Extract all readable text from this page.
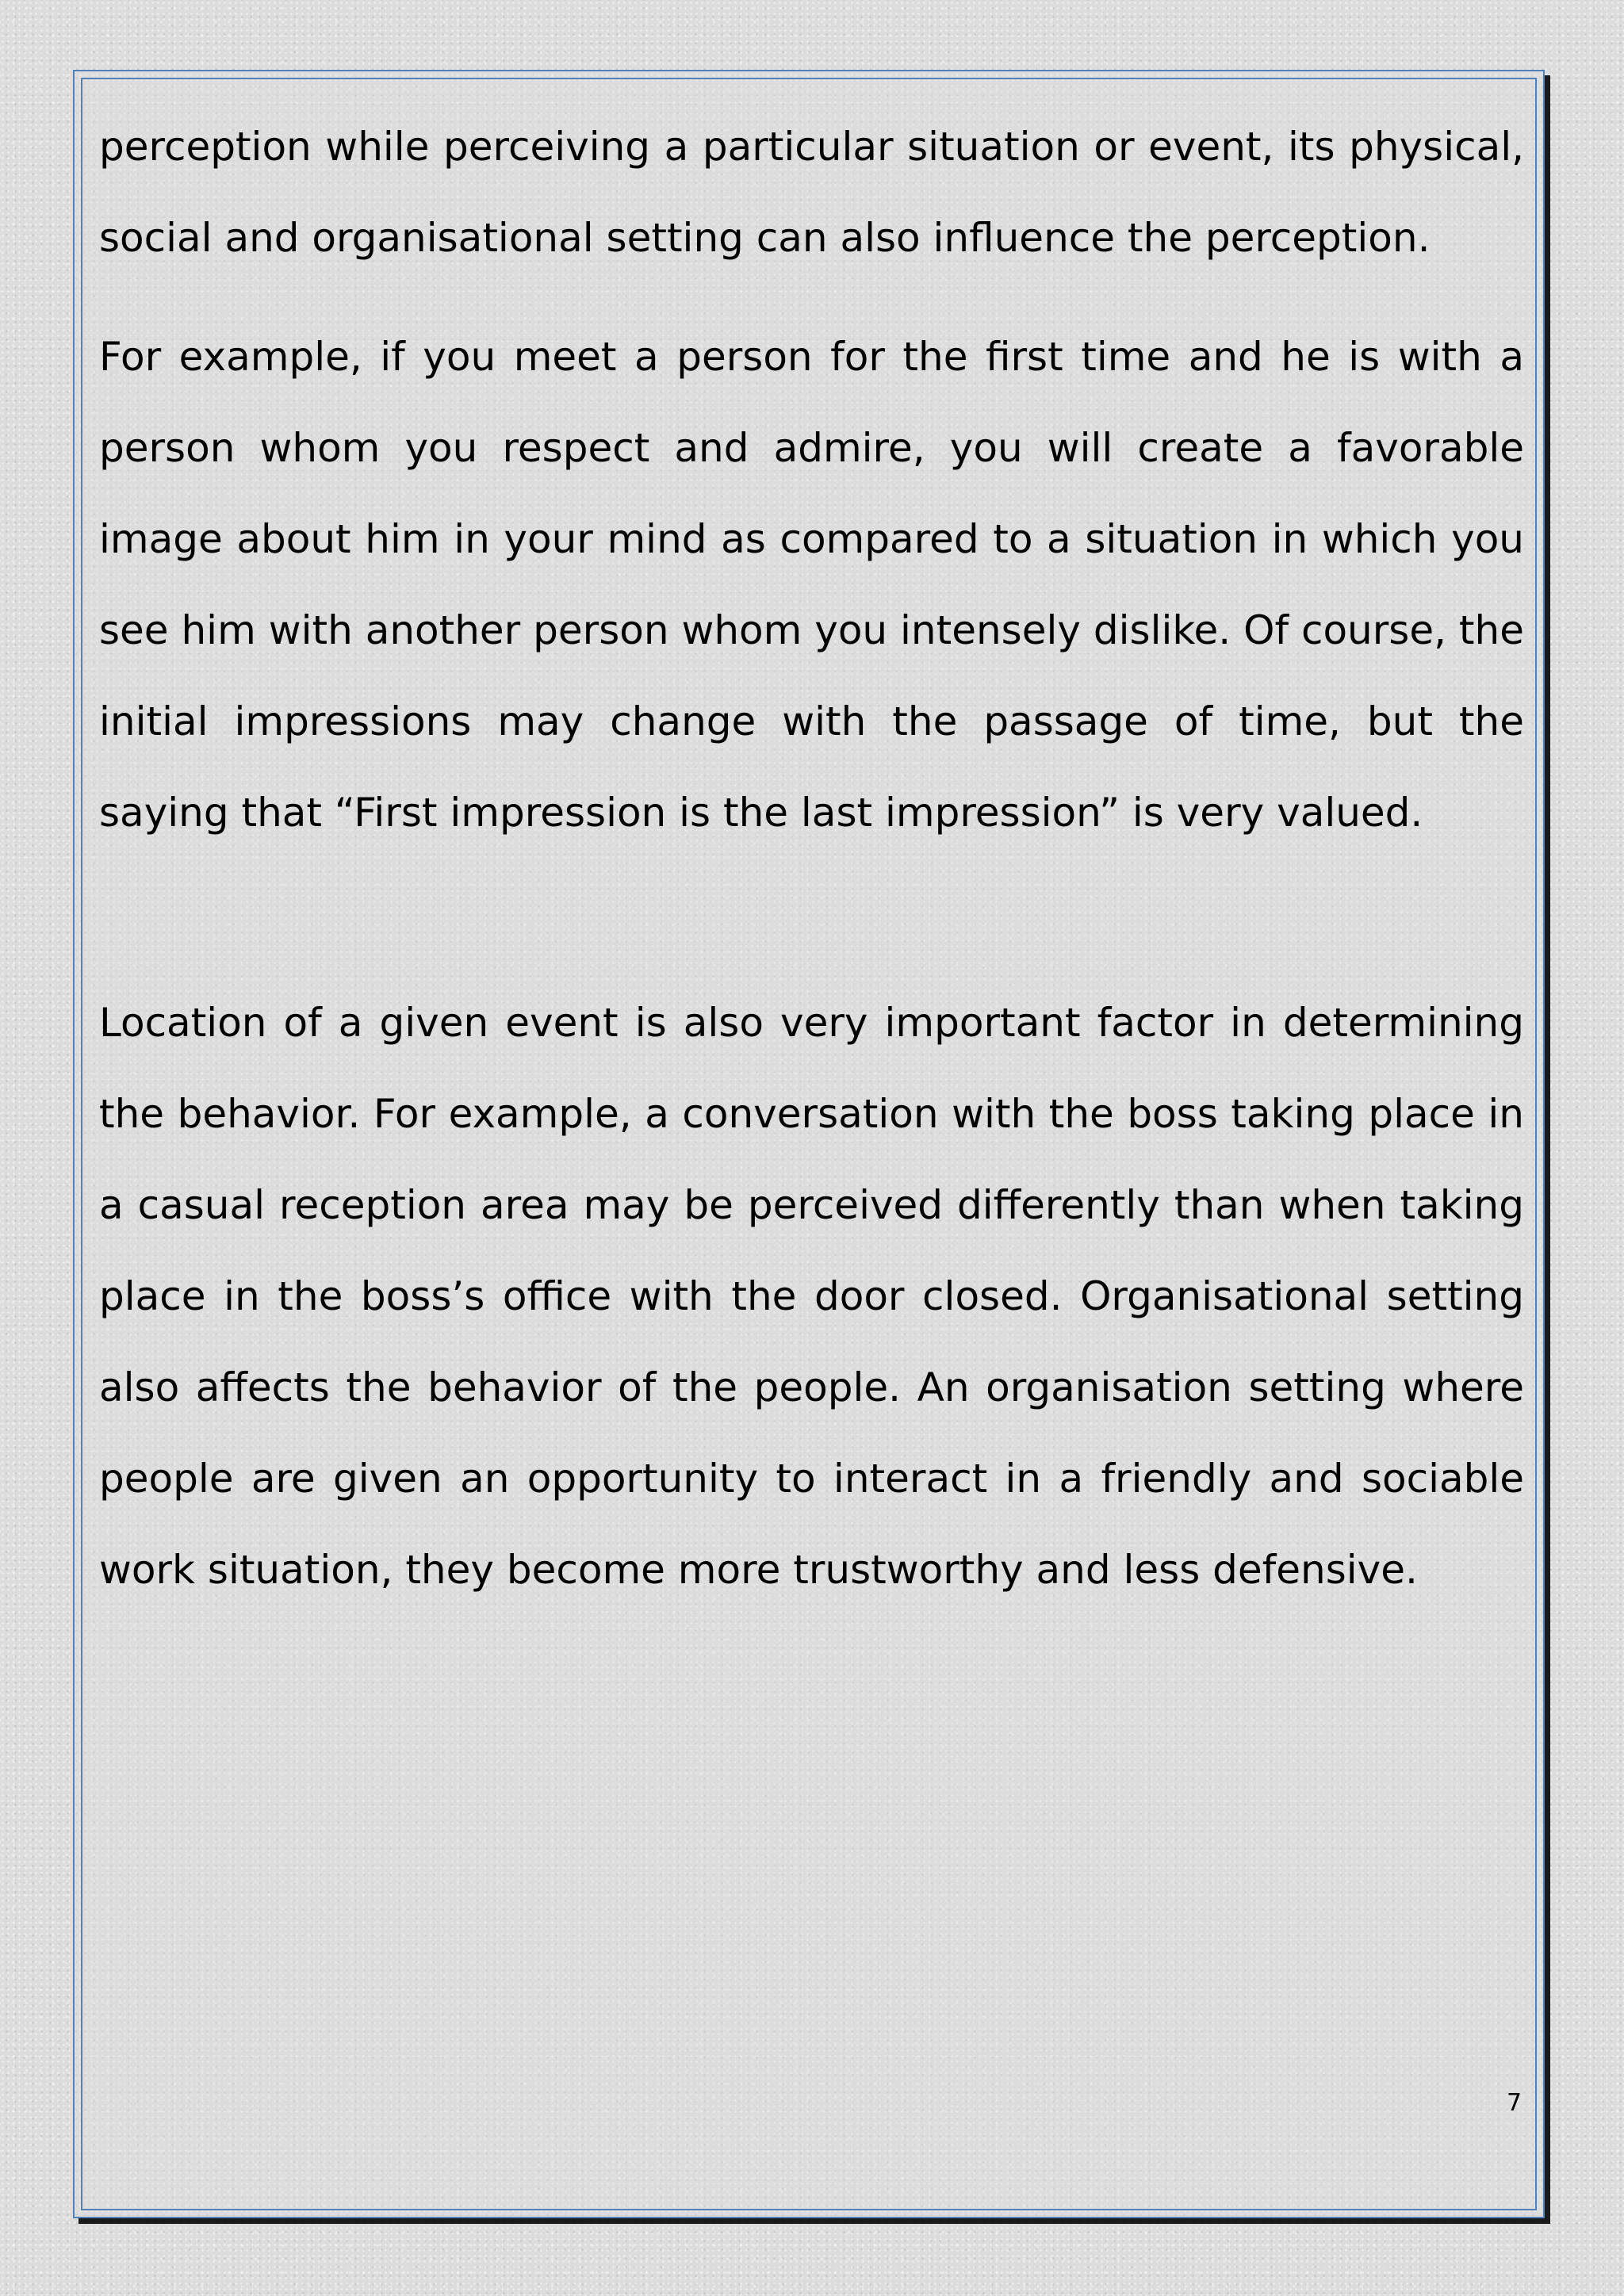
perception while perceiving a particular situation or event, its physical, social and organisational setting can also influence the perception.

For example, if you meet a person for the first time and he is with a person whom you respect and admire, you will create a favorable image about him in your mind as compared to a situation in which you see him with another person whom you intensely dislike. Of course, the initial impressions may change with the passage of time, but the saying that “First impression is the last impression” is very valued.

Location of a given event is also very important factor in determining the behavior. For example, a conversation with the boss taking place in a casual reception area may be perceived differently than when taking place in the boss’s office with the door closed. Organisational setting also affects the behavior of the people. An organisation setting where people are given an opportunity to interact in a friendly and sociable work situation, they become more trustworthy and less defensive.

7
